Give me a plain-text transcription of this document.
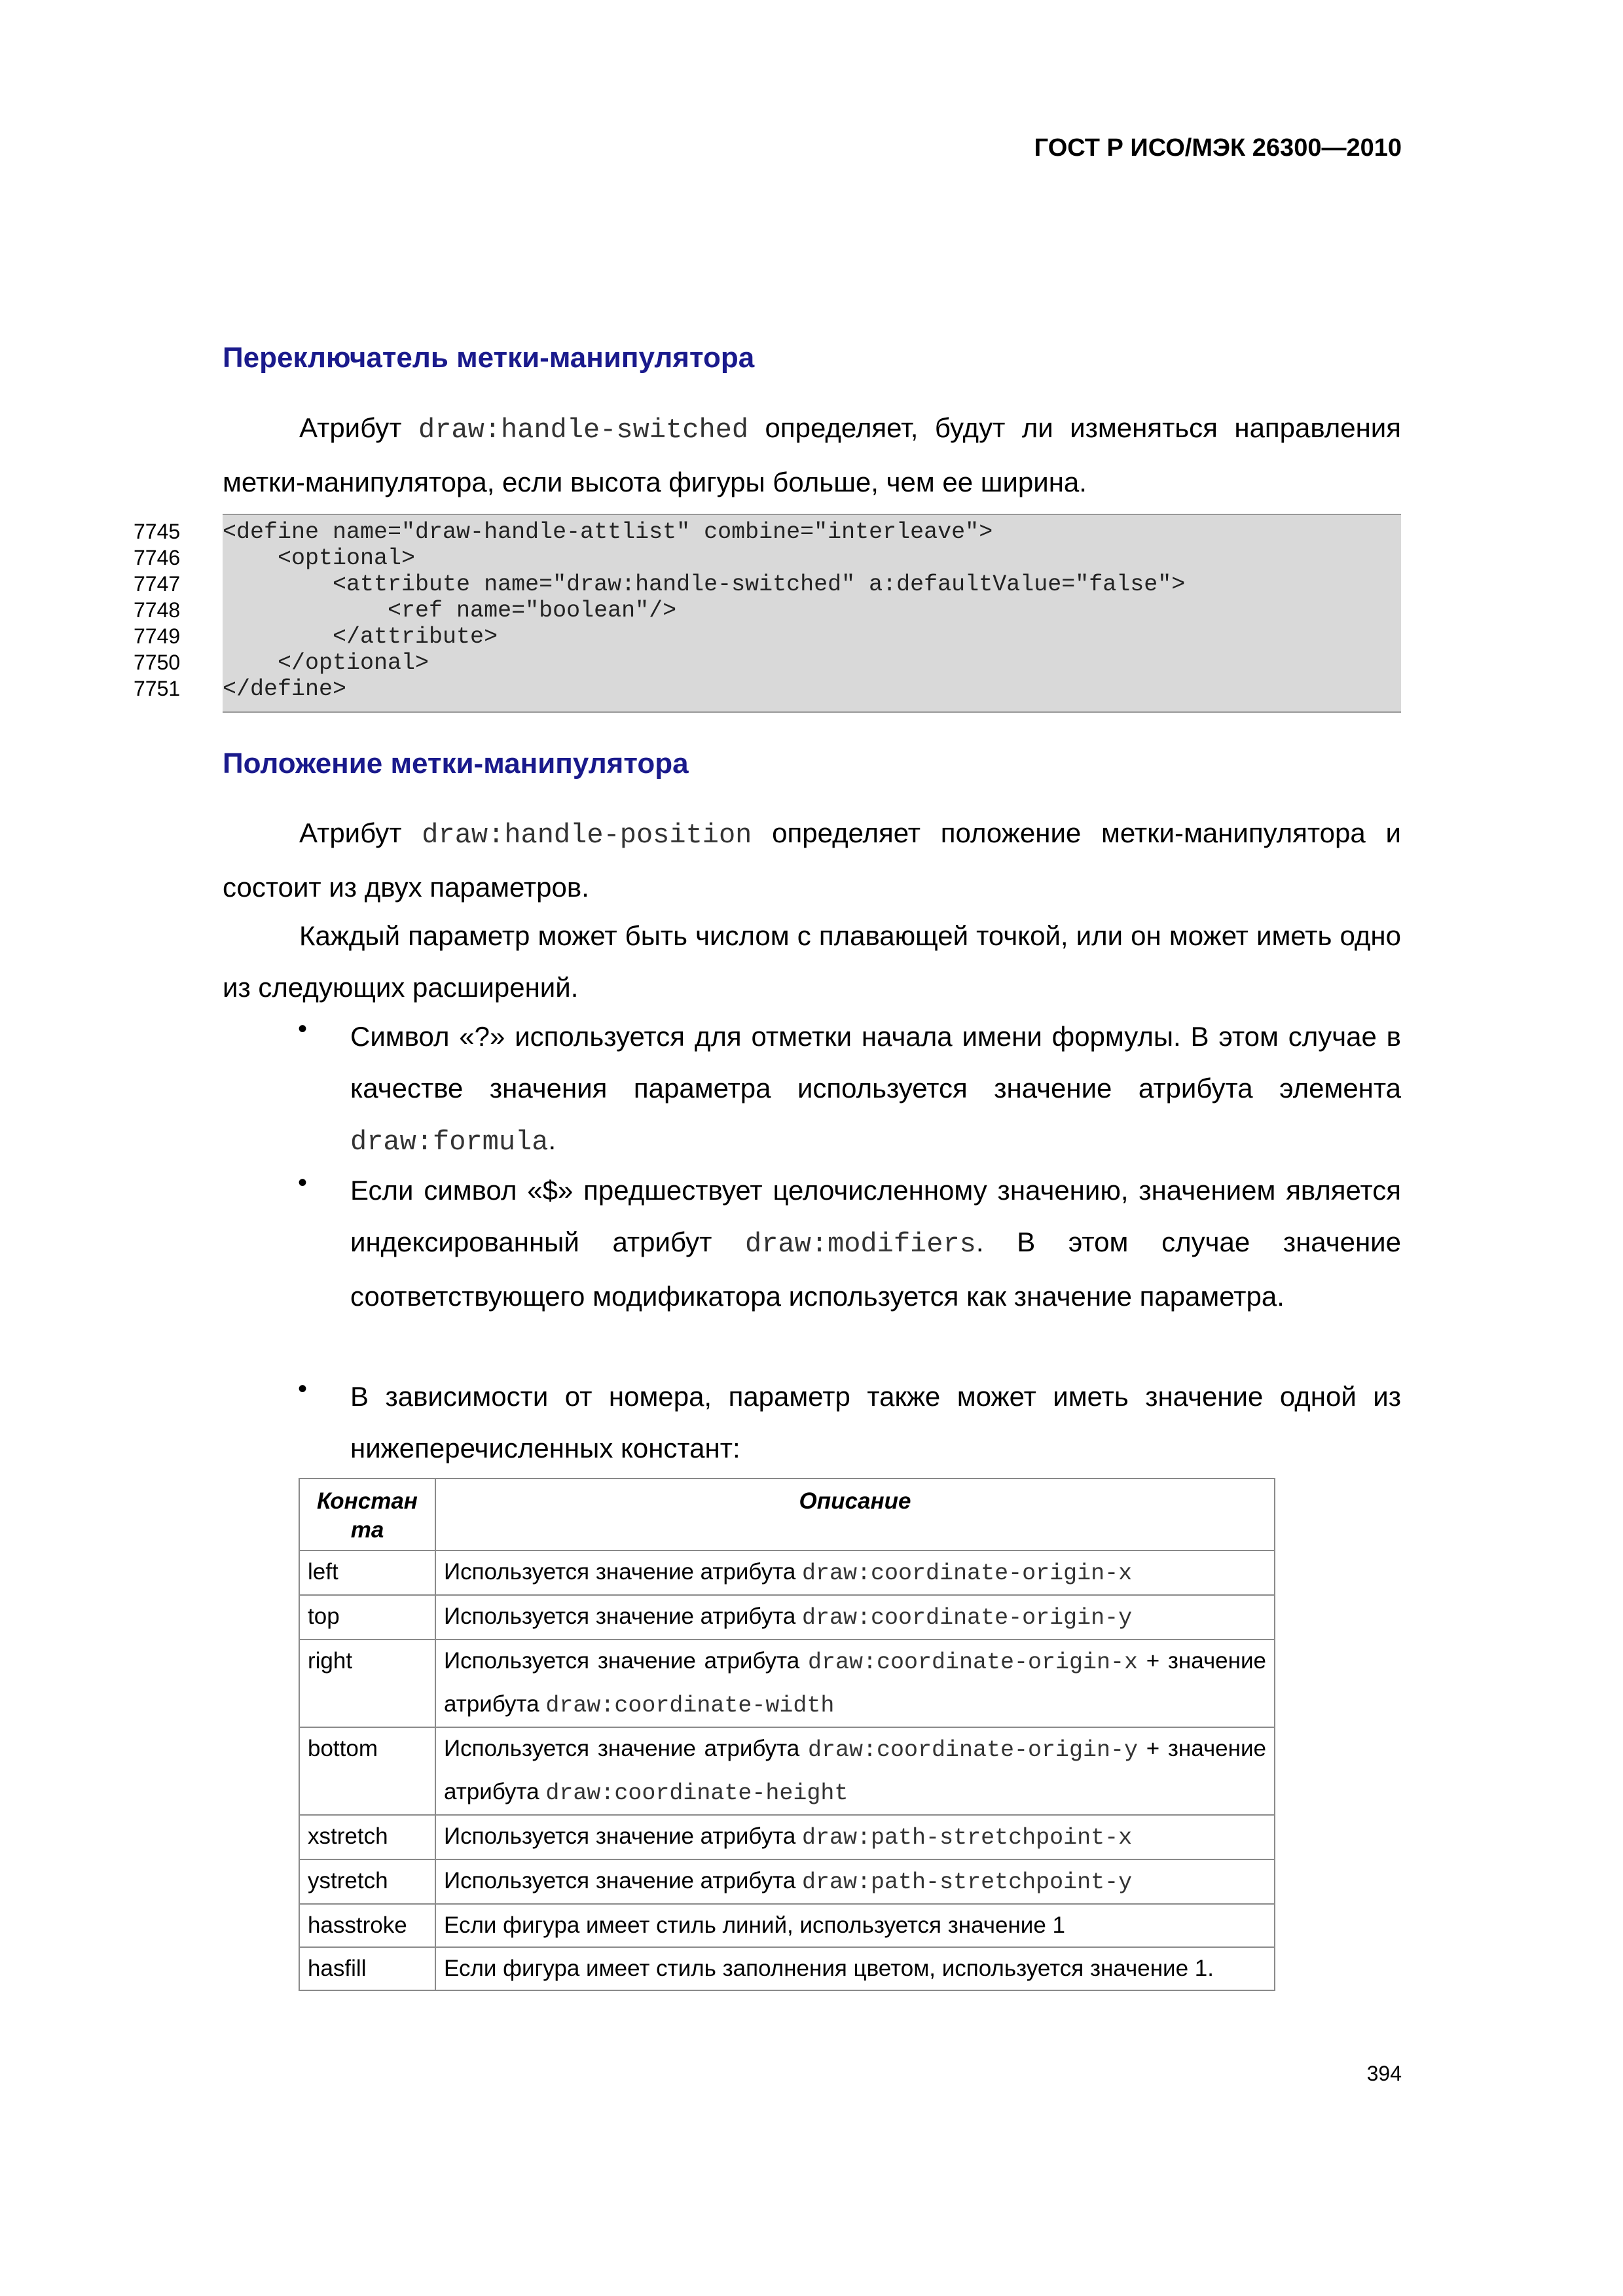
ГОСТ Р ИСО/МЭК 26300—2010
Переключатель метки-манипулятора
Атрибут draw:handle-switched определяет, будут ли изменяться направления метки-манипулятора, если высота фигуры больше, чем ее ширина.
7745
7746
7747
7748
7749
7750
7751
<define name="draw-handle-attlist" combine="interleave">
<optional>
<attribute name="draw:handle-switched" a:defaultValue="false">
<ref name="boolean"/>
</attribute>
</optional>
</define>
Положение метки-манипулятора
Атрибут draw:handle-position определяет положение метки-манипулятора и состоит из двух параметров.
Каждый параметр может быть числом с плавающей точкой, или он может иметь одно из следующих расширений.
• Символ «?» используется для отметки начала имени формулы. В этом случае в качестве значения параметра используется значение атрибута элемента draw:formula.
• Если символ «$» предшествует целочисленному значению, значением является индексированный атрибут draw:modifiers. В этом случае значение соответствующего модификатора используется как значение параметра.
• В зависимости от номера, параметр также может иметь значение одной из нижеперечисленных констант:
Констан та	Описание
left	Используется значение атрибута draw:coordinate-origin-x
top	Используется значение атрибута draw:coordinate-origin-y
right	Используется значение атрибута draw:coordinate-origin-x + значение атрибута draw:coordinate-width
bottom	Используется значение атрибута draw:coordinate-origin-y + значение атрибута draw:coordinate-height
xstretch	Используется значение атрибута draw:path-stretchpoint-x
ystretch	Используется значение атрибута draw:path-stretchpoint-y
hasstroke	Если фигура имеет стиль линий, используется значение 1
hasfill	Если фигура имеет стиль заполнения цветом, используется значение 1.
394
